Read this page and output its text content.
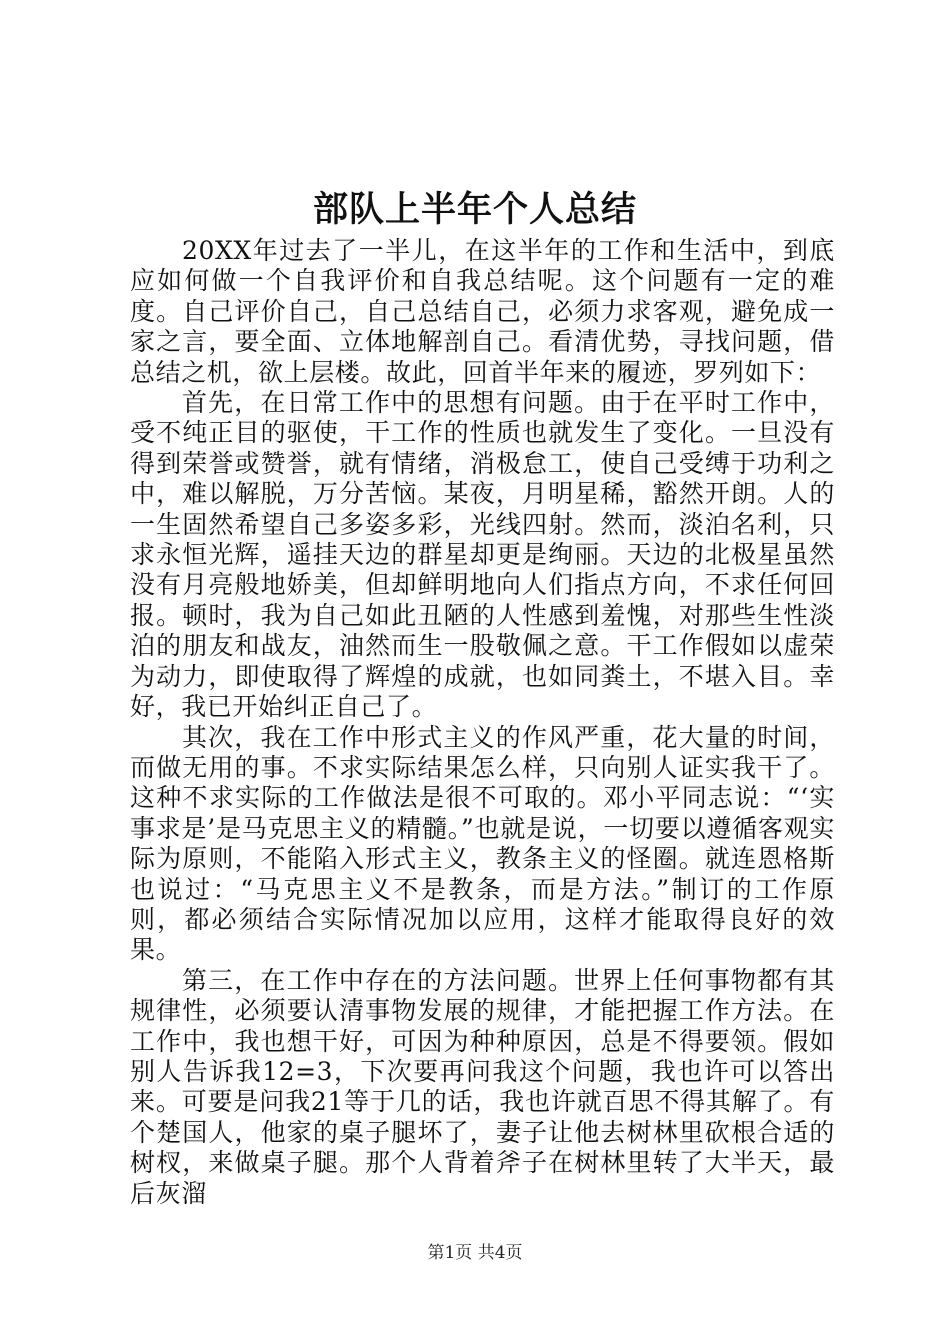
部队上半年个人总结

20XX年过去了一半儿，在这半年的工作和生活中，到底应如何做一个自我评价和自我总结呢。这个问题有一定的难度。自己评价自己，自己总结自己，必须力求客观，避免成一家之言，要全面、立体地解剖自己。看清优势，寻找问题，借总结之机，欲上层楼。故此，回首半年来的履迹，罗列如下：

首先，在日常工作中的思想有问题。由于在平时工作中，受不纯正目的驱使，干工作的性质也就发生了变化。一旦没有得到荣誉或赞誉，就有情绪，消极怠工，使自己受缚于功利之中，难以解脱，万分苦恼。某夜，月明星稀，豁然开朗。人的一生固然希望自己多姿多彩，光线四射。然而，淡泊名利，只求永恒光辉，遥挂天边的群星却更是绚丽。天边的北极星虽然没有月亮般地娇美，但却鲜明地向人们指点方向，不求任何回报。顿时，我为自己如此丑陋的人性感到羞愧，对那些生性淡泊的朋友和战友，油然而生一股敬佩之意。干工作假如以虚荣为动力，即使取得了辉煌的成就，也如同粪土，不堪入目。幸好，我已开始纠正自己了。

其次，我在工作中形式主义的作风严重，花大量的时间，而做无用的事。不求实际结果怎么样，只向别人证实我干了。这种不求实际的工作做法是很不可取的。邓小平同志说：“‘实事求是’是马克思主义的精髓。”也就是说，一切要以遵循客观实际为原则，不能陷入形式主义，教条主义的怪圈。就连恩格斯也说过：“马克思主义不是教条，而是方法。”制订的工作原则，都必须结合实际情况加以应用，这样才能取得良好的效果。

第三，在工作中存在的方法问题。世界上任何事物都有其规律性，必须要认清事物发展的规律，才能把握工作方法。在工作中，我也想干好，可因为种种原因，总是不得要领。假如别人告诉我12=3，下次要再问我这个问题，我也许可以答出来。可要是问我21等于几的话，我也许就百思不得其解了。有个楚国人，他家的桌子腿坏了，妻子让他去树林里砍根合适的树杈，来做桌子腿。那个人背着斧子在树林里转了大半天，最后灰溜

第1页 共4页
